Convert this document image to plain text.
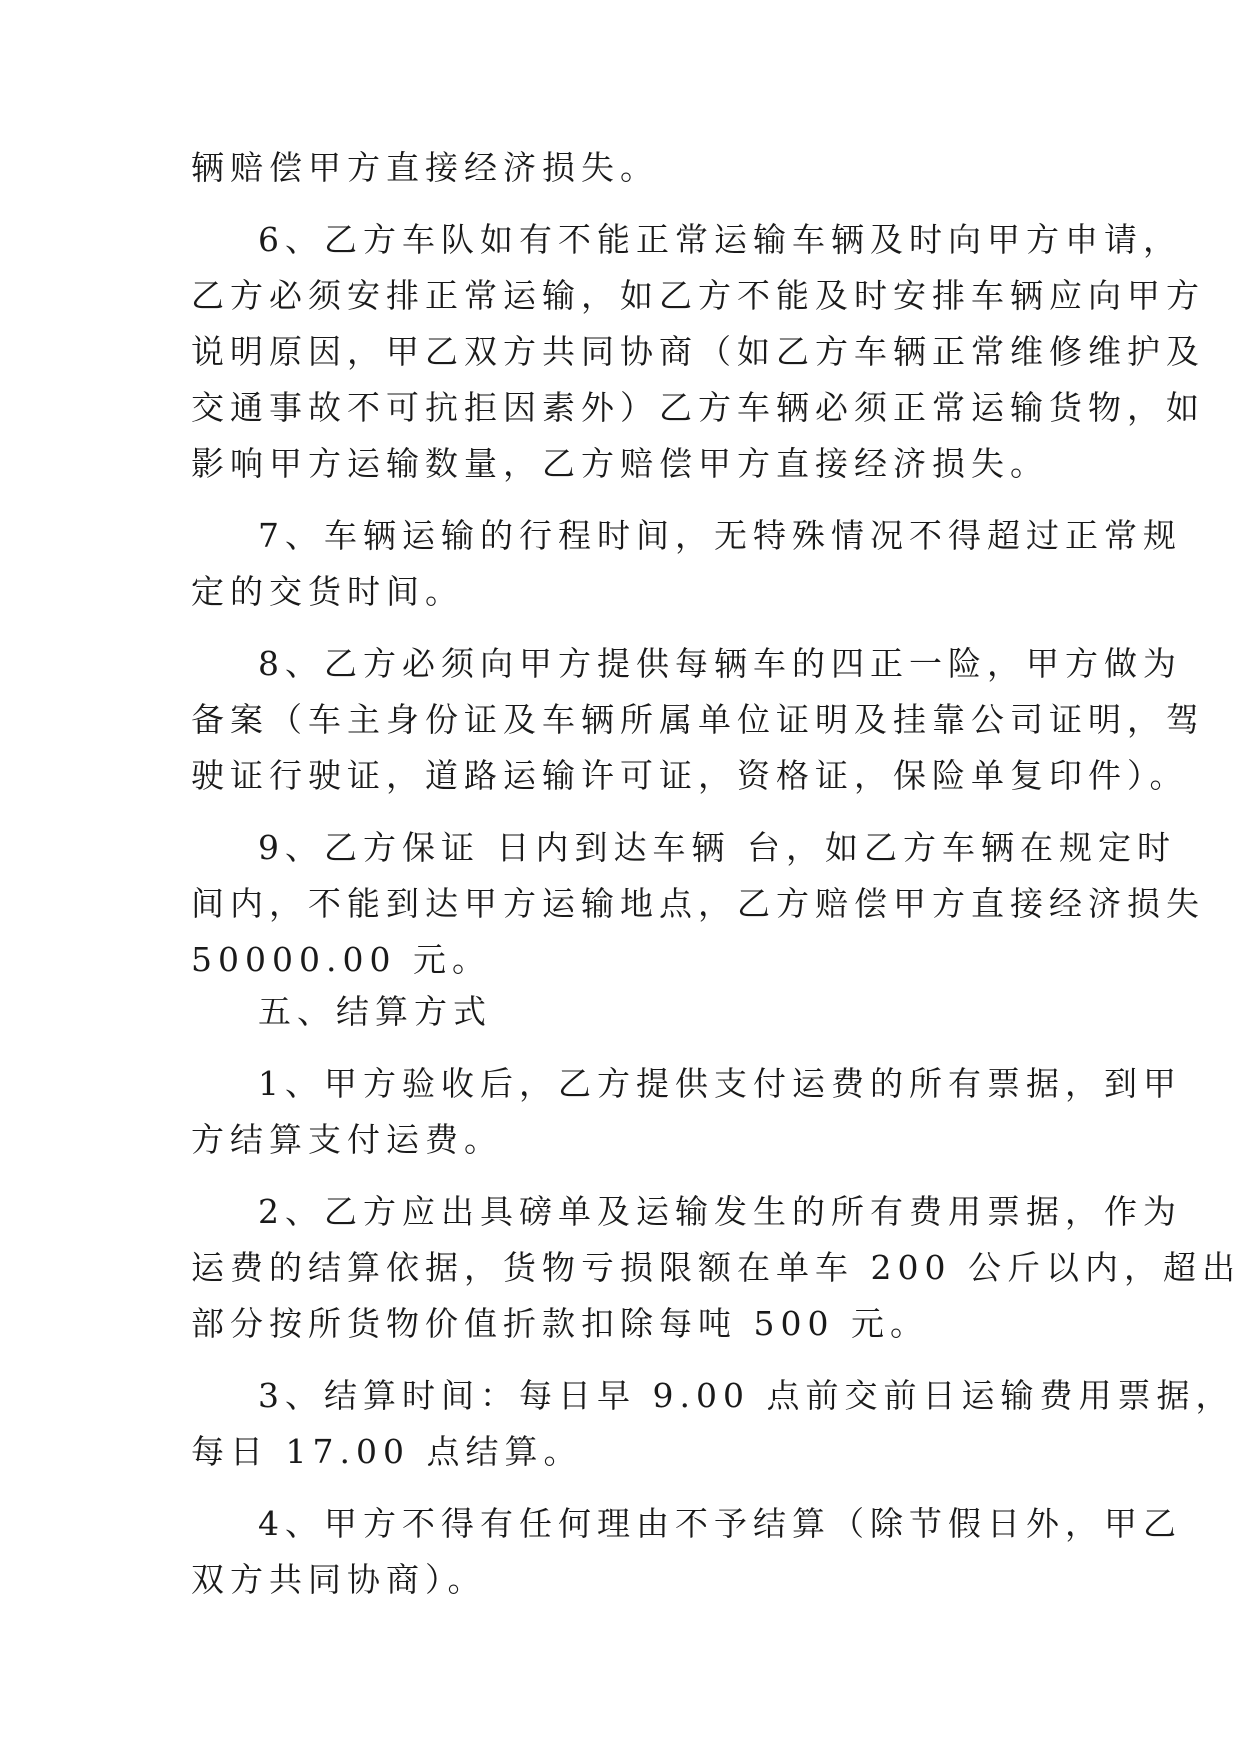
辆赔偿甲方直接经济损失。

6、乙方车队如有不能正常运输车辆及时向甲方申请，

乙方必须安排正常运输，如乙方不能及时安排车辆应向甲方

说明原因，甲乙双方共同协商（如乙方车辆正常维修维护及

交通事故不可抗拒因素外）乙方车辆必须正常运输货物，如

影响甲方运输数量，乙方赔偿甲方直接经济损失。

7、车辆运输的行程时间，无特殊情况不得超过正常规

定的交货时间。

8、乙方必须向甲方提供每辆车的四正一险，甲方做为

备案（车主身份证及车辆所属单位证明及挂靠公司证明，驾

驶证行驶证，道路运输许可证，资格证，保险单复印件）。

9、乙方保证 日内到达车辆 台，如乙方车辆在规定时

间内，不能到达甲方运输地点，乙方赔偿甲方直接经济损失

50000.00 元。

五、结算方式

1、甲方验收后，乙方提供支付运费的所有票据，到甲

方结算支付运费。

2、乙方应出具磅单及运输发生的所有费用票据，作为

运费的结算依据，货物亏损限额在单车 200 公斤以内，超出

部分按所货物价值折款扣除每吨 500 元。

3、结算时间：每日早 9.00 点前交前日运输费用票据，

每日 17.00 点结算。

4、甲方不得有任何理由不予结算（除节假日外，甲乙

双方共同协商）。
